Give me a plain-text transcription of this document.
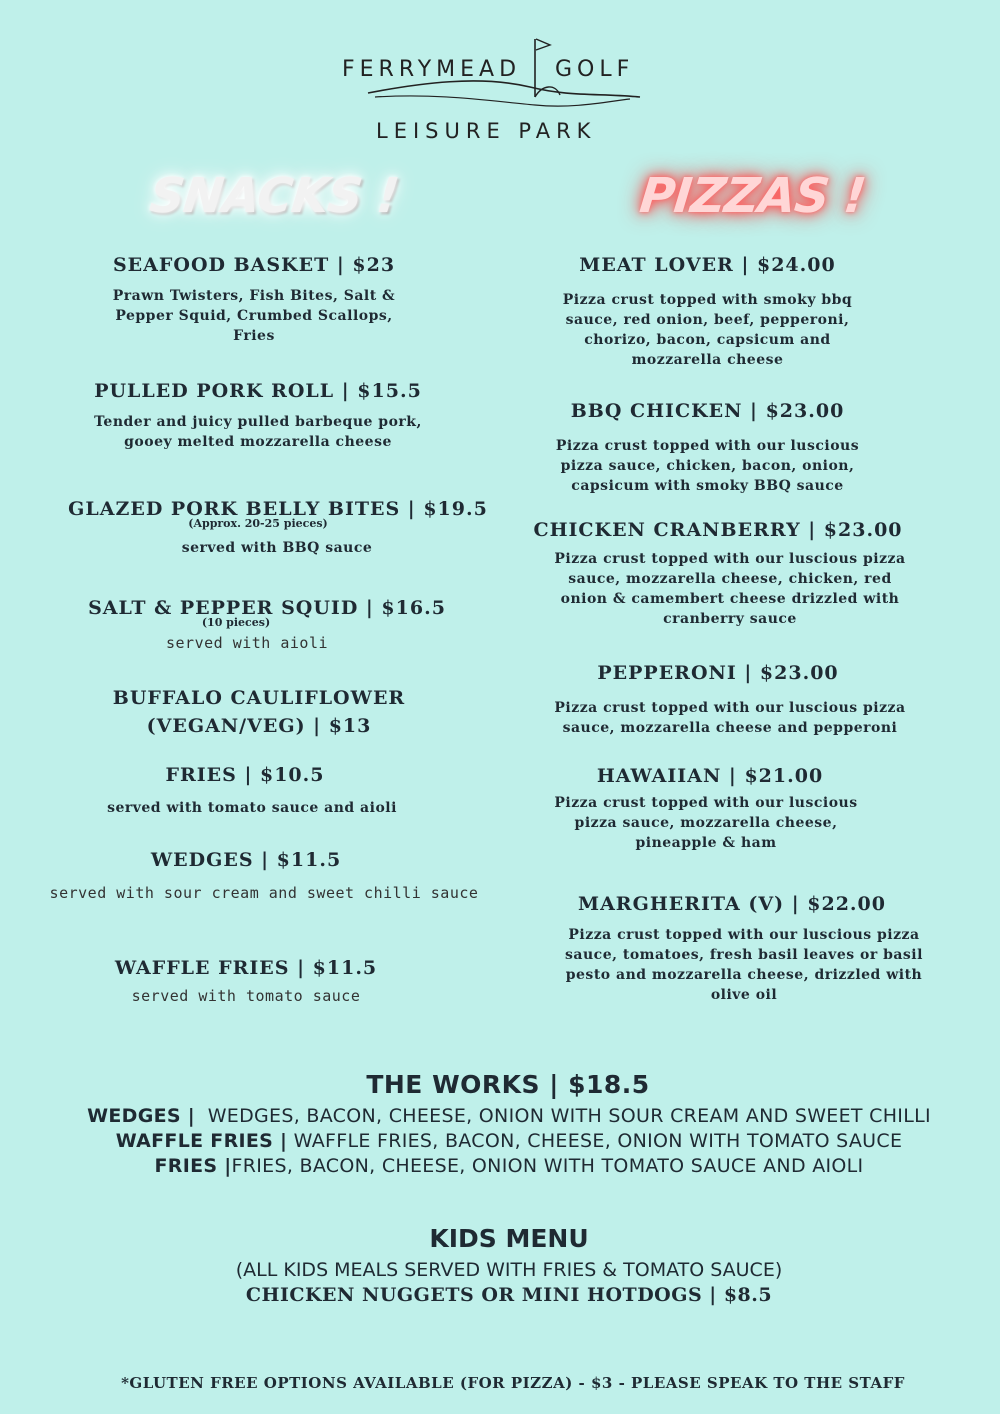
FERRYMEAD GOLF
LEISURE PARK
SNACKS !	PIZZAS !
SEAFOOD BASKET | $23
Prawn Twisters, Fish Bites, Salt &
Pepper Squid, Crumbed Scallops,
Fries
PULLED PORK ROLL | $15.5
Tender and juicy pulled barbeque pork,
gooey melted mozzarella cheese
GLAZED PORK BELLY BITES | $19.5
(Approx. 20-25 pieces)
served with BBQ sauce
SALT & PEPPER SQUID | $16.5
(10 pieces)
served with aioli
BUFFALO CAULIFLOWER
(VEGAN/VEG) | $13
FRIES | $10.5
served with tomato sauce and aioli
WEDGES | $11.5
served with sour cream and sweet chilli sauce
WAFFLE FRIES | $11.5
served with tomato sauce
MEAT LOVER | $24.00
Pizza crust topped with smoky bbq
sauce, red onion, beef, pepperoni,
chorizo, bacon, capsicum and
mozzarella cheese
BBQ CHICKEN | $23.00
Pizza crust topped with our luscious
pizza sauce, chicken, bacon, onion,
capsicum with smoky BBQ sauce
CHICKEN CRANBERRY | $23.00
Pizza crust topped with our luscious pizza
sauce, mozzarella cheese, chicken, red
onion & camembert cheese drizzled with
cranberry sauce
PEPPERONI | $23.00
Pizza crust topped with our luscious pizza
sauce, mozzarella cheese and pepperoni
HAWAIIAN | $21.00
Pizza crust topped with our luscious
pizza sauce, mozzarella cheese,
pineapple & ham
MARGHERITA (V) | $22.00
Pizza crust topped with our luscious pizza
sauce, tomatoes, fresh basil leaves or basil
pesto and mozzarella cheese, drizzled with
olive oil
THE WORKS | $18.5
WEDGES |  WEDGES, BACON, CHEESE, ONION WITH SOUR CREAM AND SWEET CHILLI
WAFFLE FRIES | WAFFLE FRIES, BACON, CHEESE, ONION WITH TOMATO SAUCE
FRIES |FRIES, BACON, CHEESE, ONION WITH TOMATO SAUCE AND AIOLI
KIDS MENU
(ALL KIDS MEALS SERVED WITH FRIES & TOMATO SAUCE)
CHICKEN NUGGETS OR MINI HOTDOGS | $8.5
*GLUTEN FREE OPTIONS AVAILABLE (FOR PIZZA) - $3 - PLEASE SPEAK TO THE STAFF
